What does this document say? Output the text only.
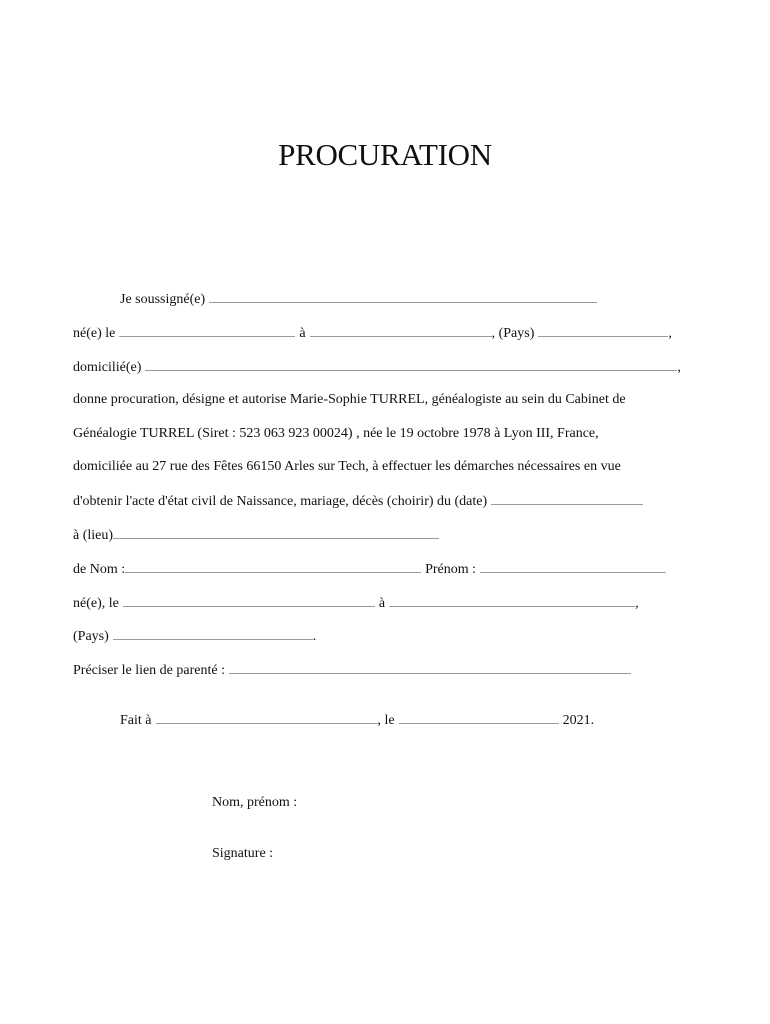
PROCURATION
Je soussigné(e)
né(e) le	à	, (Pays)	,
domicilié(e)	,
donne procuration, désigne et autorise Marie-Sophie TURREL, généalogiste au sein du Cabinet de
Généalogie TURREL (Siret : 523 063 923 00024) , née le 19 octobre 1978 à Lyon III, France,
domiciliée au 27 rue des Fêtes 66150 Arles sur Tech, à effectuer les démarches nécessaires en vue
d'obtenir l'acte d'état civil de Naissance, mariage, décès (choirir) du (date)
à (lieu)
de Nom :	Prénom :
né(e), le	à	,
(Pays)	.
Préciser le lien de parenté :
Fait à	, le	2021.
Nom, prénom :
Signature :
